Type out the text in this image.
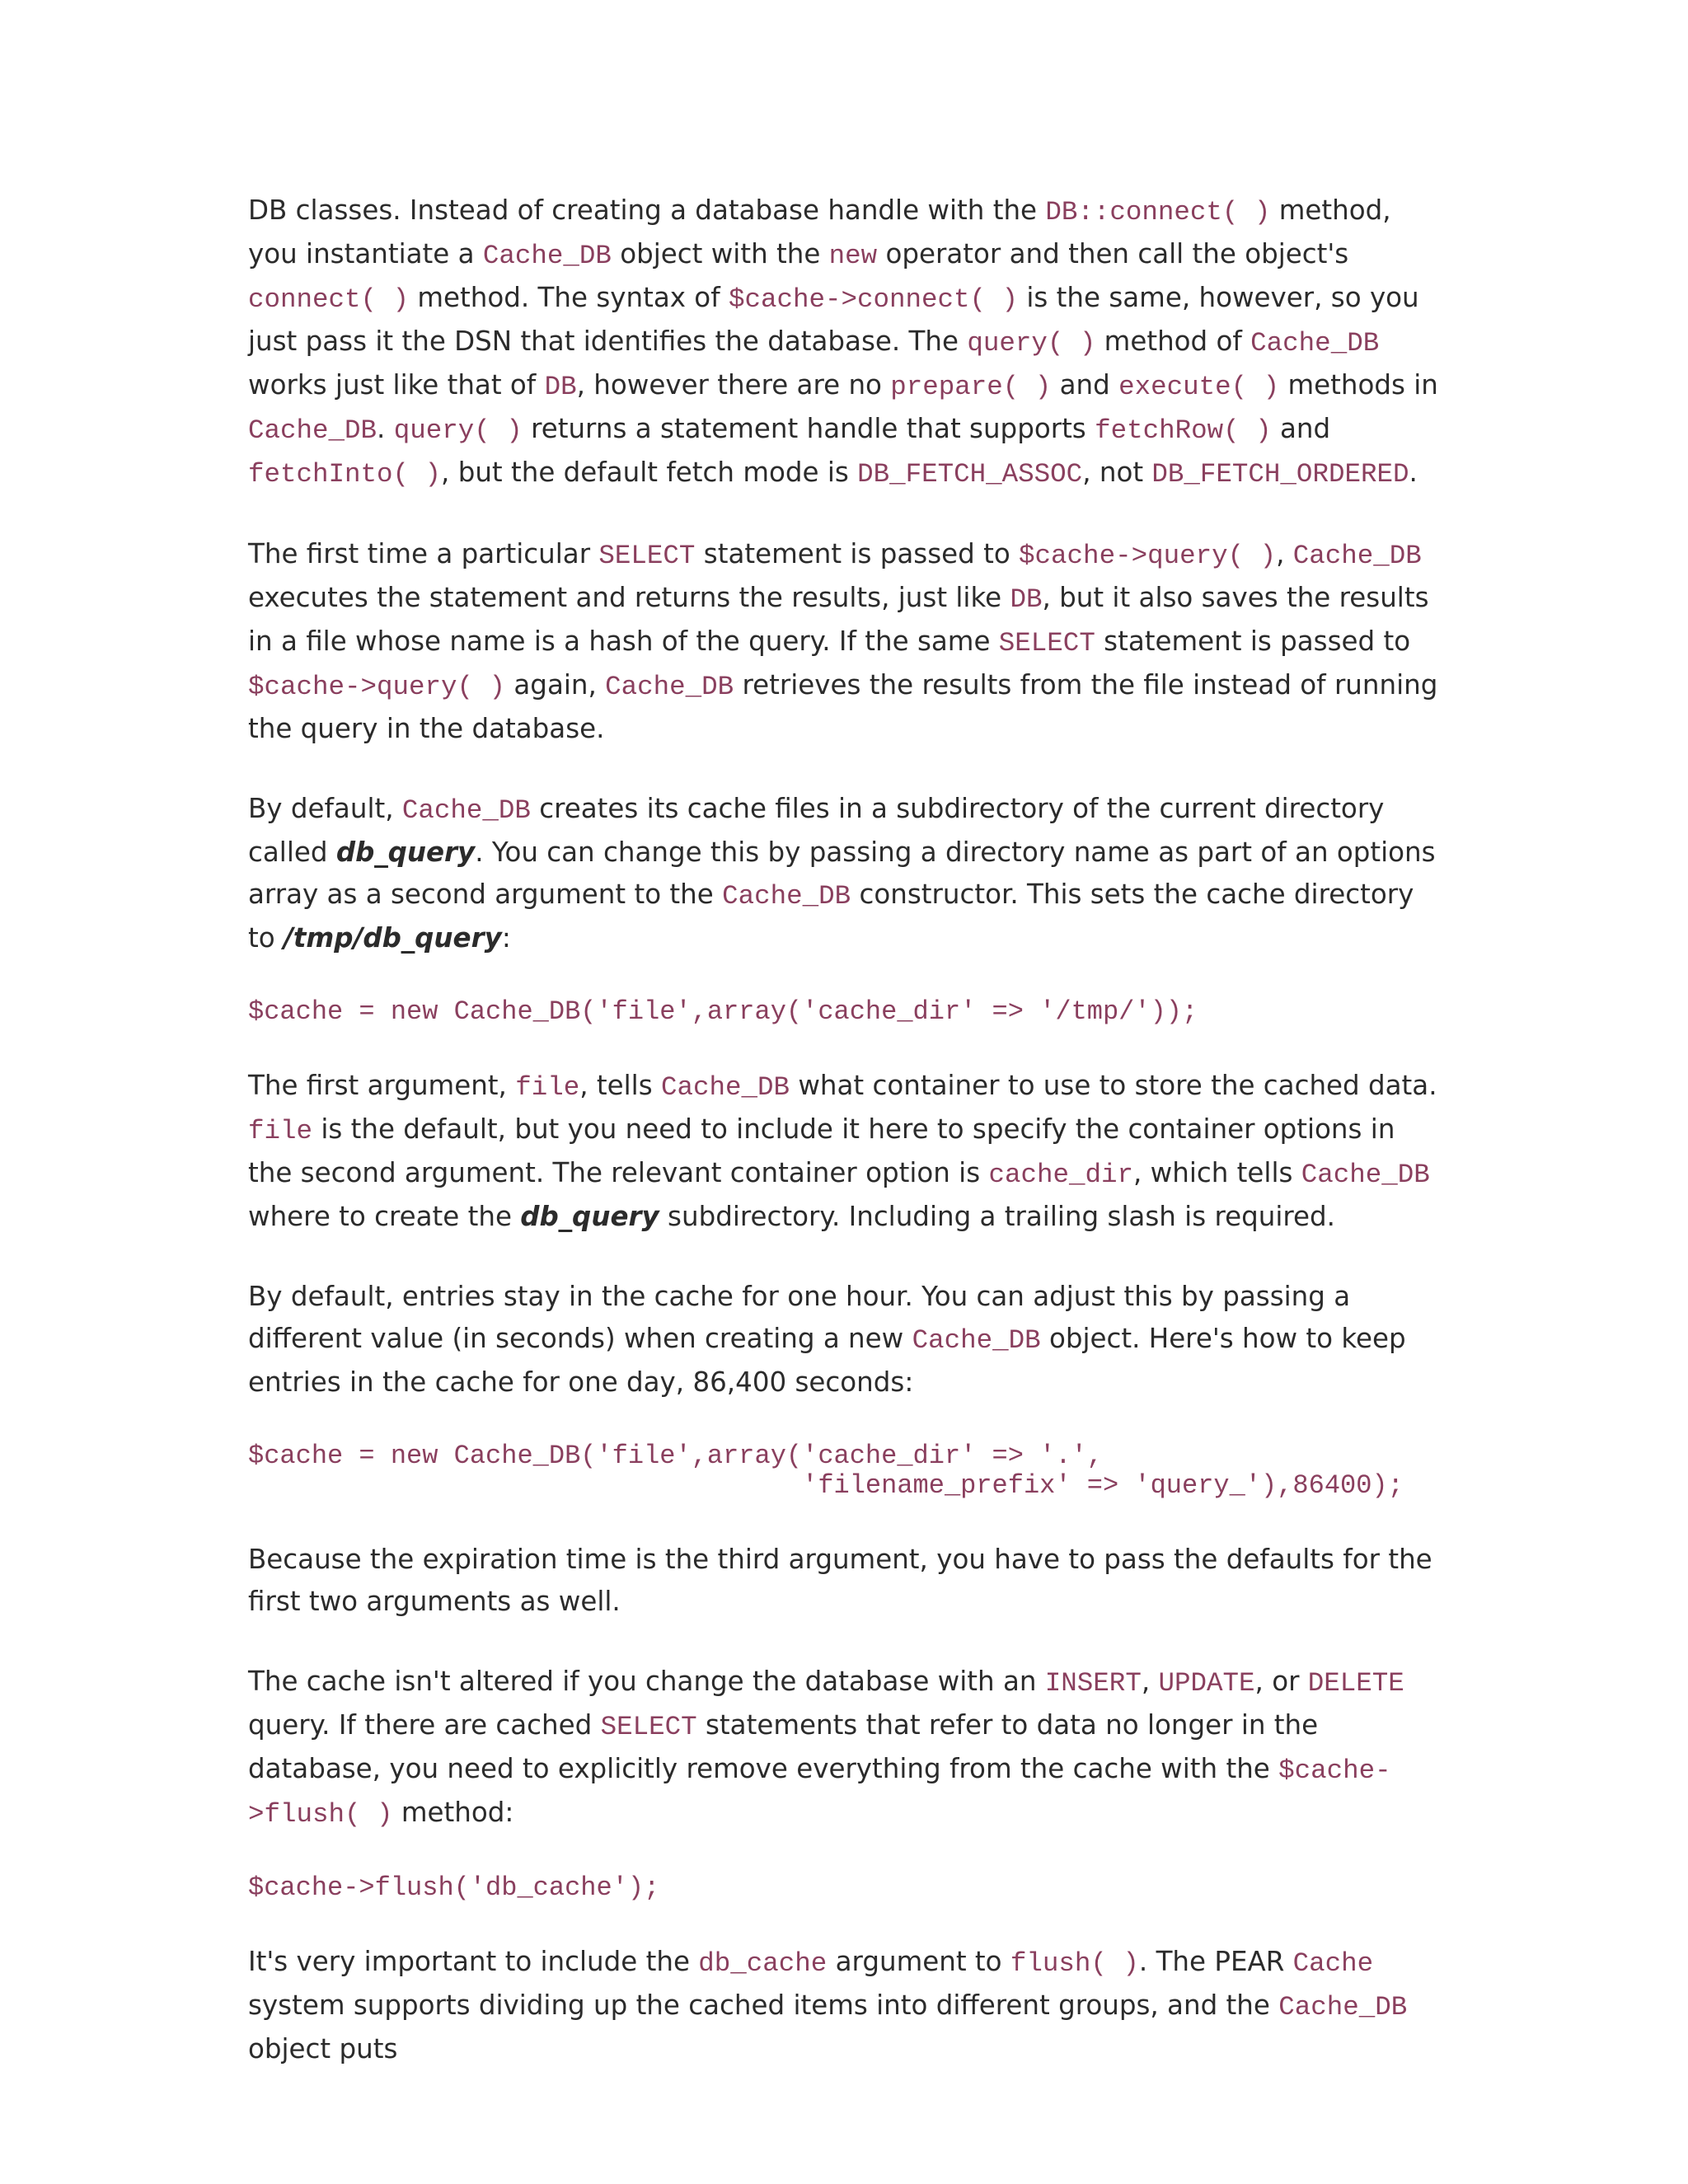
DB classes. Instead of creating a database handle with the DB::connect( ) method, you instantiate a Cache_DB object with the new operator and then call the object's connect( ) method. The syntax of $cache->connect( ) is the same, however, so you just pass it the DSN that identifies the database. The query( ) method of Cache_DB works just like that of DB, however there are no prepare( ) and execute( ) methods in Cache_DB. query( ) returns a statement handle that supports fetchRow( ) and fetchInto( ), but the default fetch mode is DB_FETCH_ASSOC, not DB_FETCH_ORDERED.

The first time a particular SELECT statement is passed to $cache->query( ), Cache_DB executes the statement and returns the results, just like DB, but it also saves the results in a file whose name is a hash of the query. If the same SELECT statement is passed to $cache->query( ) again, Cache_DB retrieves the results from the file instead of running the query in the database.

By default, Cache_DB creates its cache files in a subdirectory of the current directory called db_query. You can change this by passing a directory name as part of an options array as a second argument to the Cache_DB constructor. This sets the cache directory to /tmp/db_query:

$cache = new Cache_DB('file',array('cache_dir' => '/tmp/'));

The first argument, file, tells Cache_DB what container to use to store the cached data. file is the default, but you need to include it here to specify the container options in the second argument. The relevant container option is cache_dir, which tells Cache_DB where to create the db_query subdirectory. Including a trailing slash is required.

By default, entries stay in the cache for one hour. You can adjust this by passing a different value (in seconds) when creating a new Cache_DB object. Here's how to keep entries in the cache for one day, 86,400 seconds:

$cache = new Cache_DB('file',array('cache_dir' => '.',
'filename_prefix' => 'query_'),86400);

Because the expiration time is the third argument, you have to pass the defaults for the first two arguments as well.

The cache isn't altered if you change the database with an INSERT, UPDATE, or DELETE query. If there are cached SELECT statements that refer to data no longer in the database, you need to explicitly remove everything from the cache with the $cache->flush( ) method:

$cache->flush('db_cache');

It's very important to include the db_cache argument to flush( ). The PEAR Cache system supports dividing up the cached items into different groups, and the Cache_DB object puts
